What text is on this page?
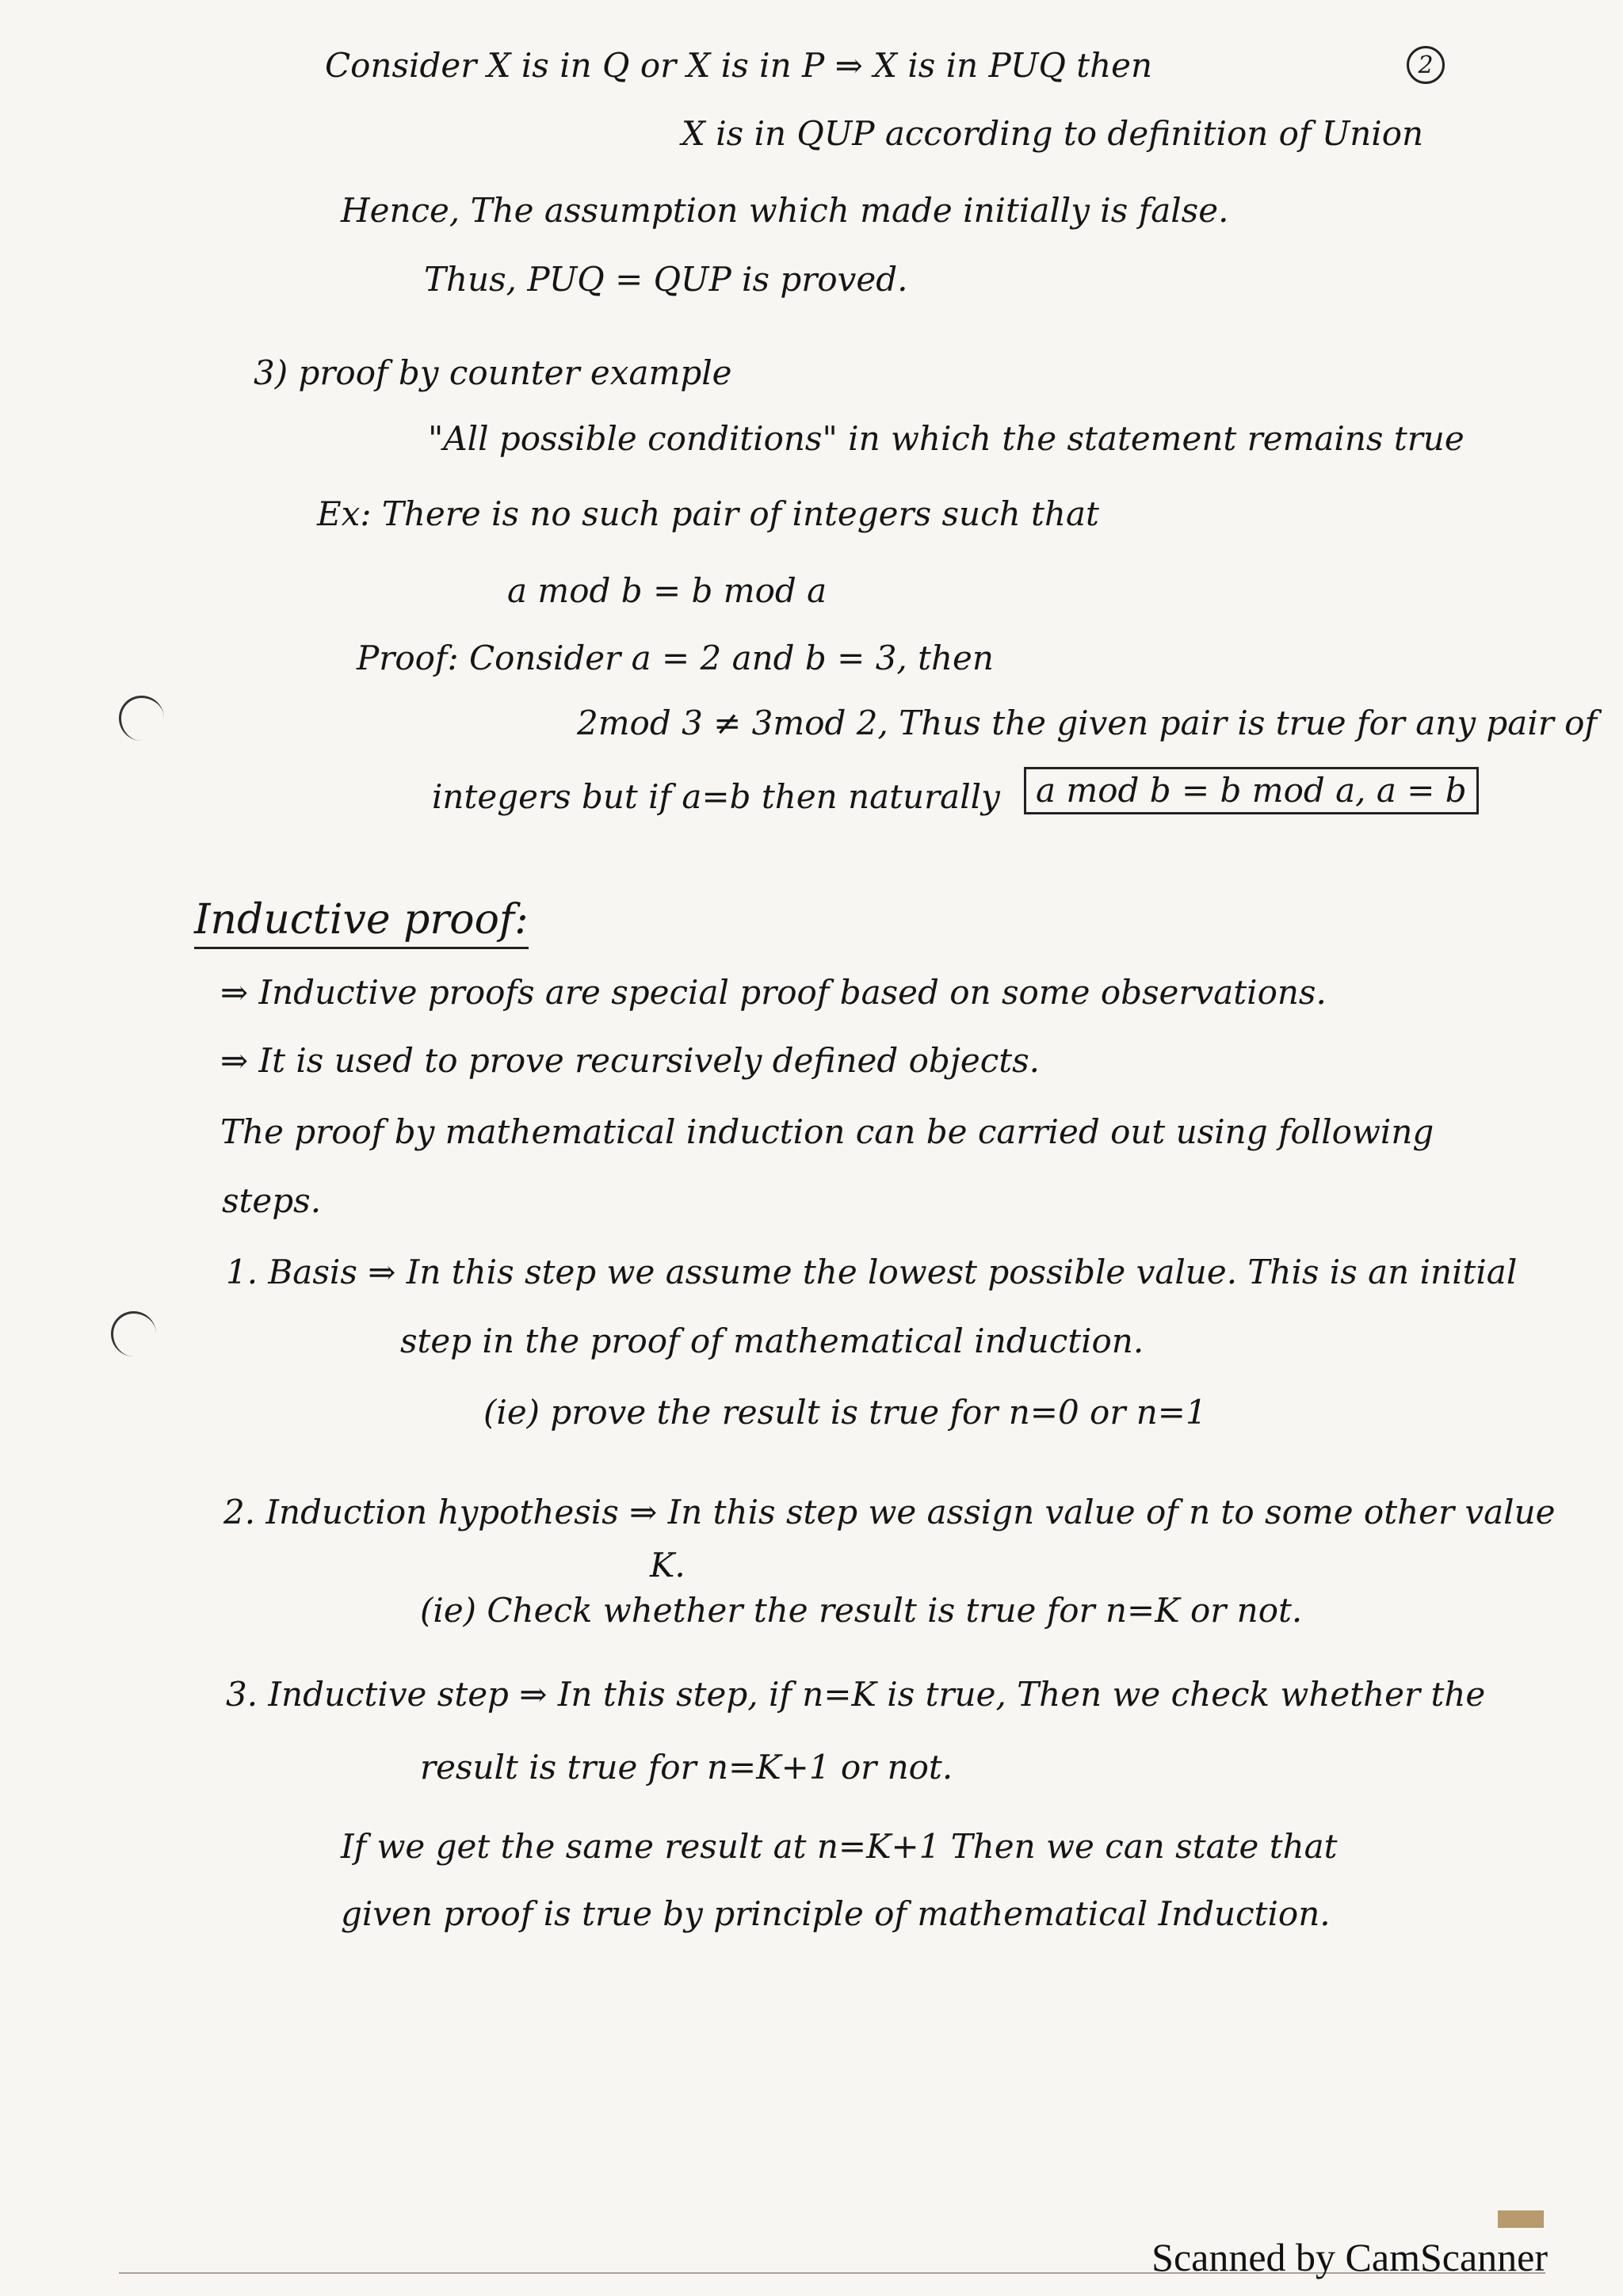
2
Consider X is in Q or X is in P ⇒ X is in PUQ then
X is in QUP according to definition of Union
Hence, The assumption which made initially is false.
Thus, PUQ = QUP is proved.
3) proof by counter example
"All possible conditions" in which the statement remains true
Ex: There is no such pair of integers such that
a mod b = b mod a
Proof: Consider a = 2 and b = 3, then
2mod 3 ≠ 3mod 2, Thus the given pair is true for any pair of
integers but if a=b then naturally	a mod b = b mod a, a = b
Inductive proof:
⇒ Inductive proofs are special proof based on some observations.
⇒ It is used to prove recursively defined objects.
The proof by mathematical induction can be carried out using following
steps.
1. Basis ⇒ In this step we assume the lowest possible value. This is an initial
step in the proof of mathematical induction.
(ie) prove the result is true for n=0 or n=1
2. Induction hypothesis ⇒ In this step we assign value of n to some other value
K.
(ie) Check whether the result is true for n=K or not.
3. Inductive step ⇒ In this step, if n=K is true, Then we check whether the
result is true for n=K+1 or not.
If we get the same result at n=K+1 Then we can state that
given proof is true by principle of mathematical Induction.
Scanned by CamScanner
